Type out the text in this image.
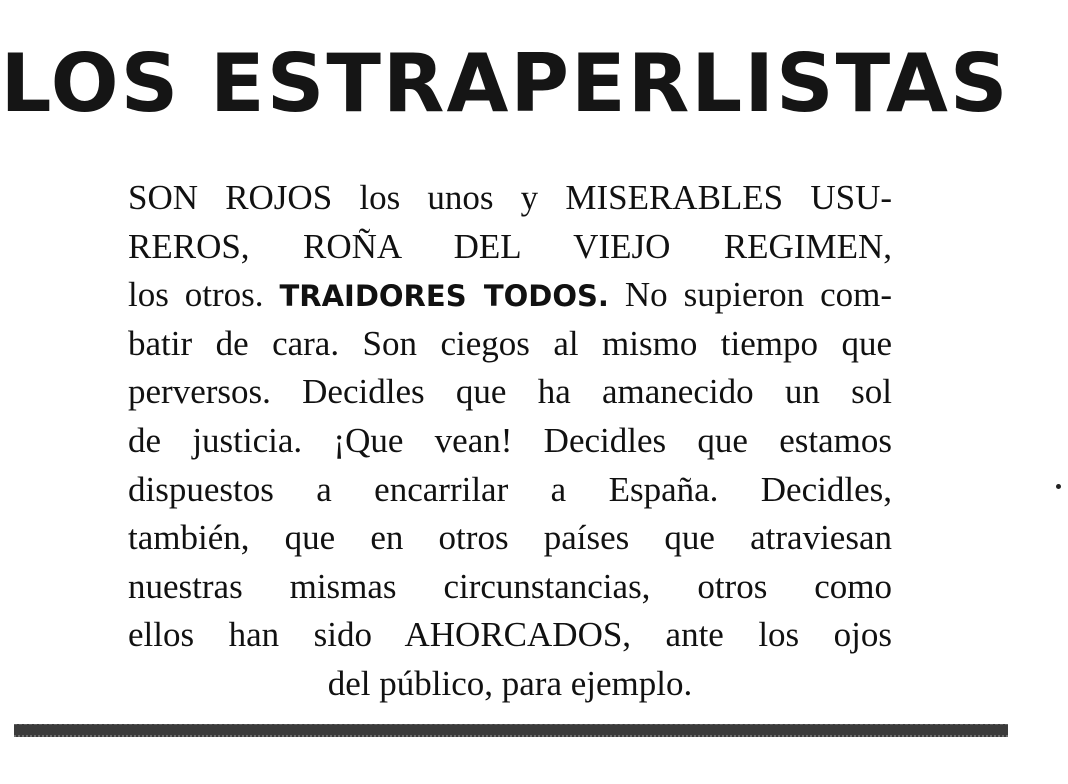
LOS ESTRAPERLISTAS
SON ROJOS los unos y MISERABLES USU-
REROS, ROÑA DEL VIEJO REGIMEN,
los otros. TRAIDORES TODOS. No supieron com-
batir de cara. Son ciegos al mismo tiempo que
perversos. Decidles que ha amanecido un sol
de justicia. ¡Que vean! Decidles que estamos
dispuestos a encarrilar a España. Decidles,
también, que en otros países que atraviesan
nuestras mismas circunstancias, otros como
ellos han sido AHORCADOS, ante los ojos
del público, para ejemplo.
